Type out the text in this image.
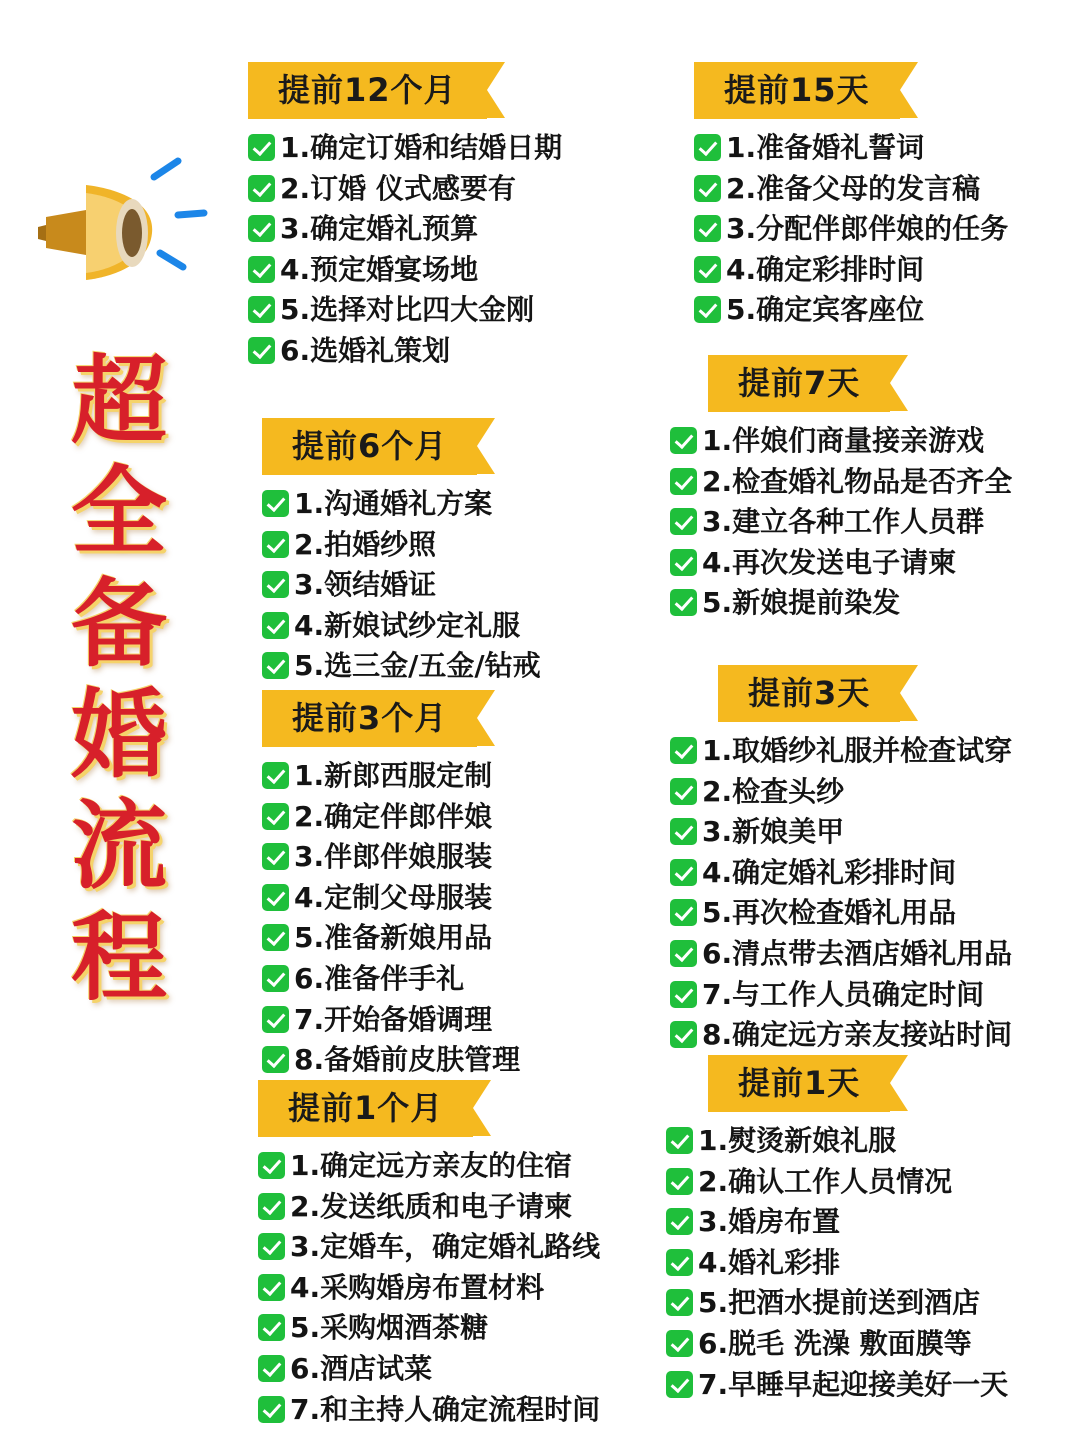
超
全
备
婚
流
程
提前12个月
1.确定订婚和结婚日期
2.订婚 仪式感要有
3.确定婚礼预算
4.预定婚宴场地
5.选择对比四大金刚
6.选婚礼策划
提前6个月
1.沟通婚礼方案
2.拍婚纱照
3.领结婚证
4.新娘试纱定礼服
5.选三金/五金/钻戒
提前3个月
1.新郎西服定制
2.确定伴郎伴娘
3.伴郎伴娘服装
4.定制父母服装
5.准备新娘用品
6.准备伴手礼
7.开始备婚调理
8.备婚前皮肤管理
提前1个月
1.确定远方亲友的住宿
2.发送纸质和电子请柬
3.定婚车，确定婚礼路线
4.采购婚房布置材料
5.采购烟酒茶糖
6.酒店试菜
7.和主持人确定流程时间
提前15天
1.准备婚礼誓词
2.准备父母的发言稿
3.分配伴郎伴娘的任务
4.确定彩排时间
5.确定宾客座位
提前7天
1.伴娘们商量接亲游戏
2.检查婚礼物品是否齐全
3.建立各种工作人员群
4.再次发送电子请柬
5.新娘提前染发
提前3天
1.取婚纱礼服并检查试穿
2.检查头纱
3.新娘美甲
4.确定婚礼彩排时间
5.再次检查婚礼用品
6.清点带去酒店婚礼用品
7.与工作人员确定时间
8.确定远方亲友接站时间
提前1天
1.熨烫新娘礼服
2.确认工作人员情况
3.婚房布置
4.婚礼彩排
5.把酒水提前送到酒店
6.脱毛 洗澡 敷面膜等
7.早睡早起迎接美好一天
